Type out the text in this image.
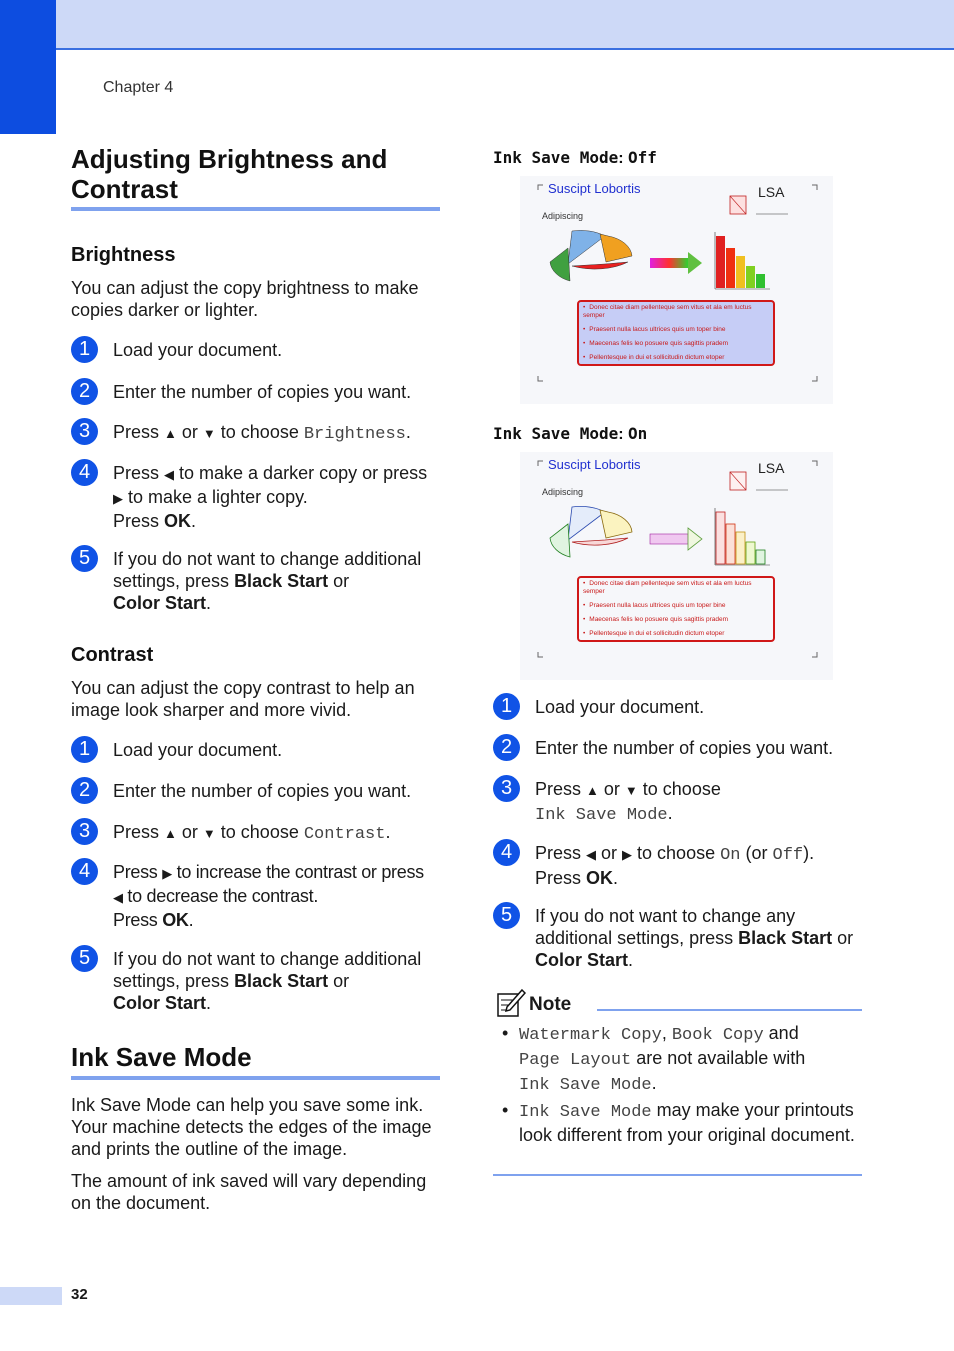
Chapter 4
Adjusting Brightness and Contrast
Brightness
You can adjust the copy brightness to make copies darker or lighter.
1	Load your document.
2	Enter the number of copies you want.
3	Press ▲ or ▼ to choose Brightness.
4	Press ◀ to make a darker copy or press
▶ to make a lighter copy.
Press OK.
5	If you do not want to change additional settings, press Black Start or
Color Start.
Contrast
You can adjust the copy contrast to help an image look sharper and more vivid.
1	Load your document.
2	Enter the number of copies you want.
3	Press ▲ or ▼ to choose Contrast.
4	Press ▶ to increase the contrast or press
◀ to decrease the contrast.
Press OK.
5	If you do not want to change additional settings, press Black Start or
Color Start.
Ink Save Mode
Ink Save Mode can help you save some ink. Your machine detects the edges of the image and prints the outline of the image.
The amount of ink saved will vary depending on the document.
Ink Save Mode: Off
Suscipt Lobortis
Adipiscing
LSA
• Donec citae diam pellenteque sem vitus et ala em luctus semper
• Praesent nulla lacus ultrices quis um toper bine
• Maecenas felis leo posuere quis sagittis pradem
• Pellentesque in dui et sollicitudin dictum etoper
Ink Save Mode: On
Suscipt Lobortis
Adipiscing
LSA
• Donec citae diam pellenteque sem vitus et ala em luctus semper
• Praesent nulla lacus ultrices quis um toper bine
• Maecenas felis leo posuere quis sagittis pradem
• Pellentesque in dui et sollicitudin dictum etoper
1	Load your document.
2	Enter the number of copies you want.
3	Press ▲ or ▼ to choose
Ink Save Mode.
4	Press ◀ or ▶ to choose On (or Off).
Press OK.
5	If you do not want to change any additional settings, press Black Start or
Color Start.
Note
• Watermark Copy, Book Copy and
Page Layout are not available with
Ink Save Mode.
• Ink Save Mode may make your printouts look different from your original document.
32
